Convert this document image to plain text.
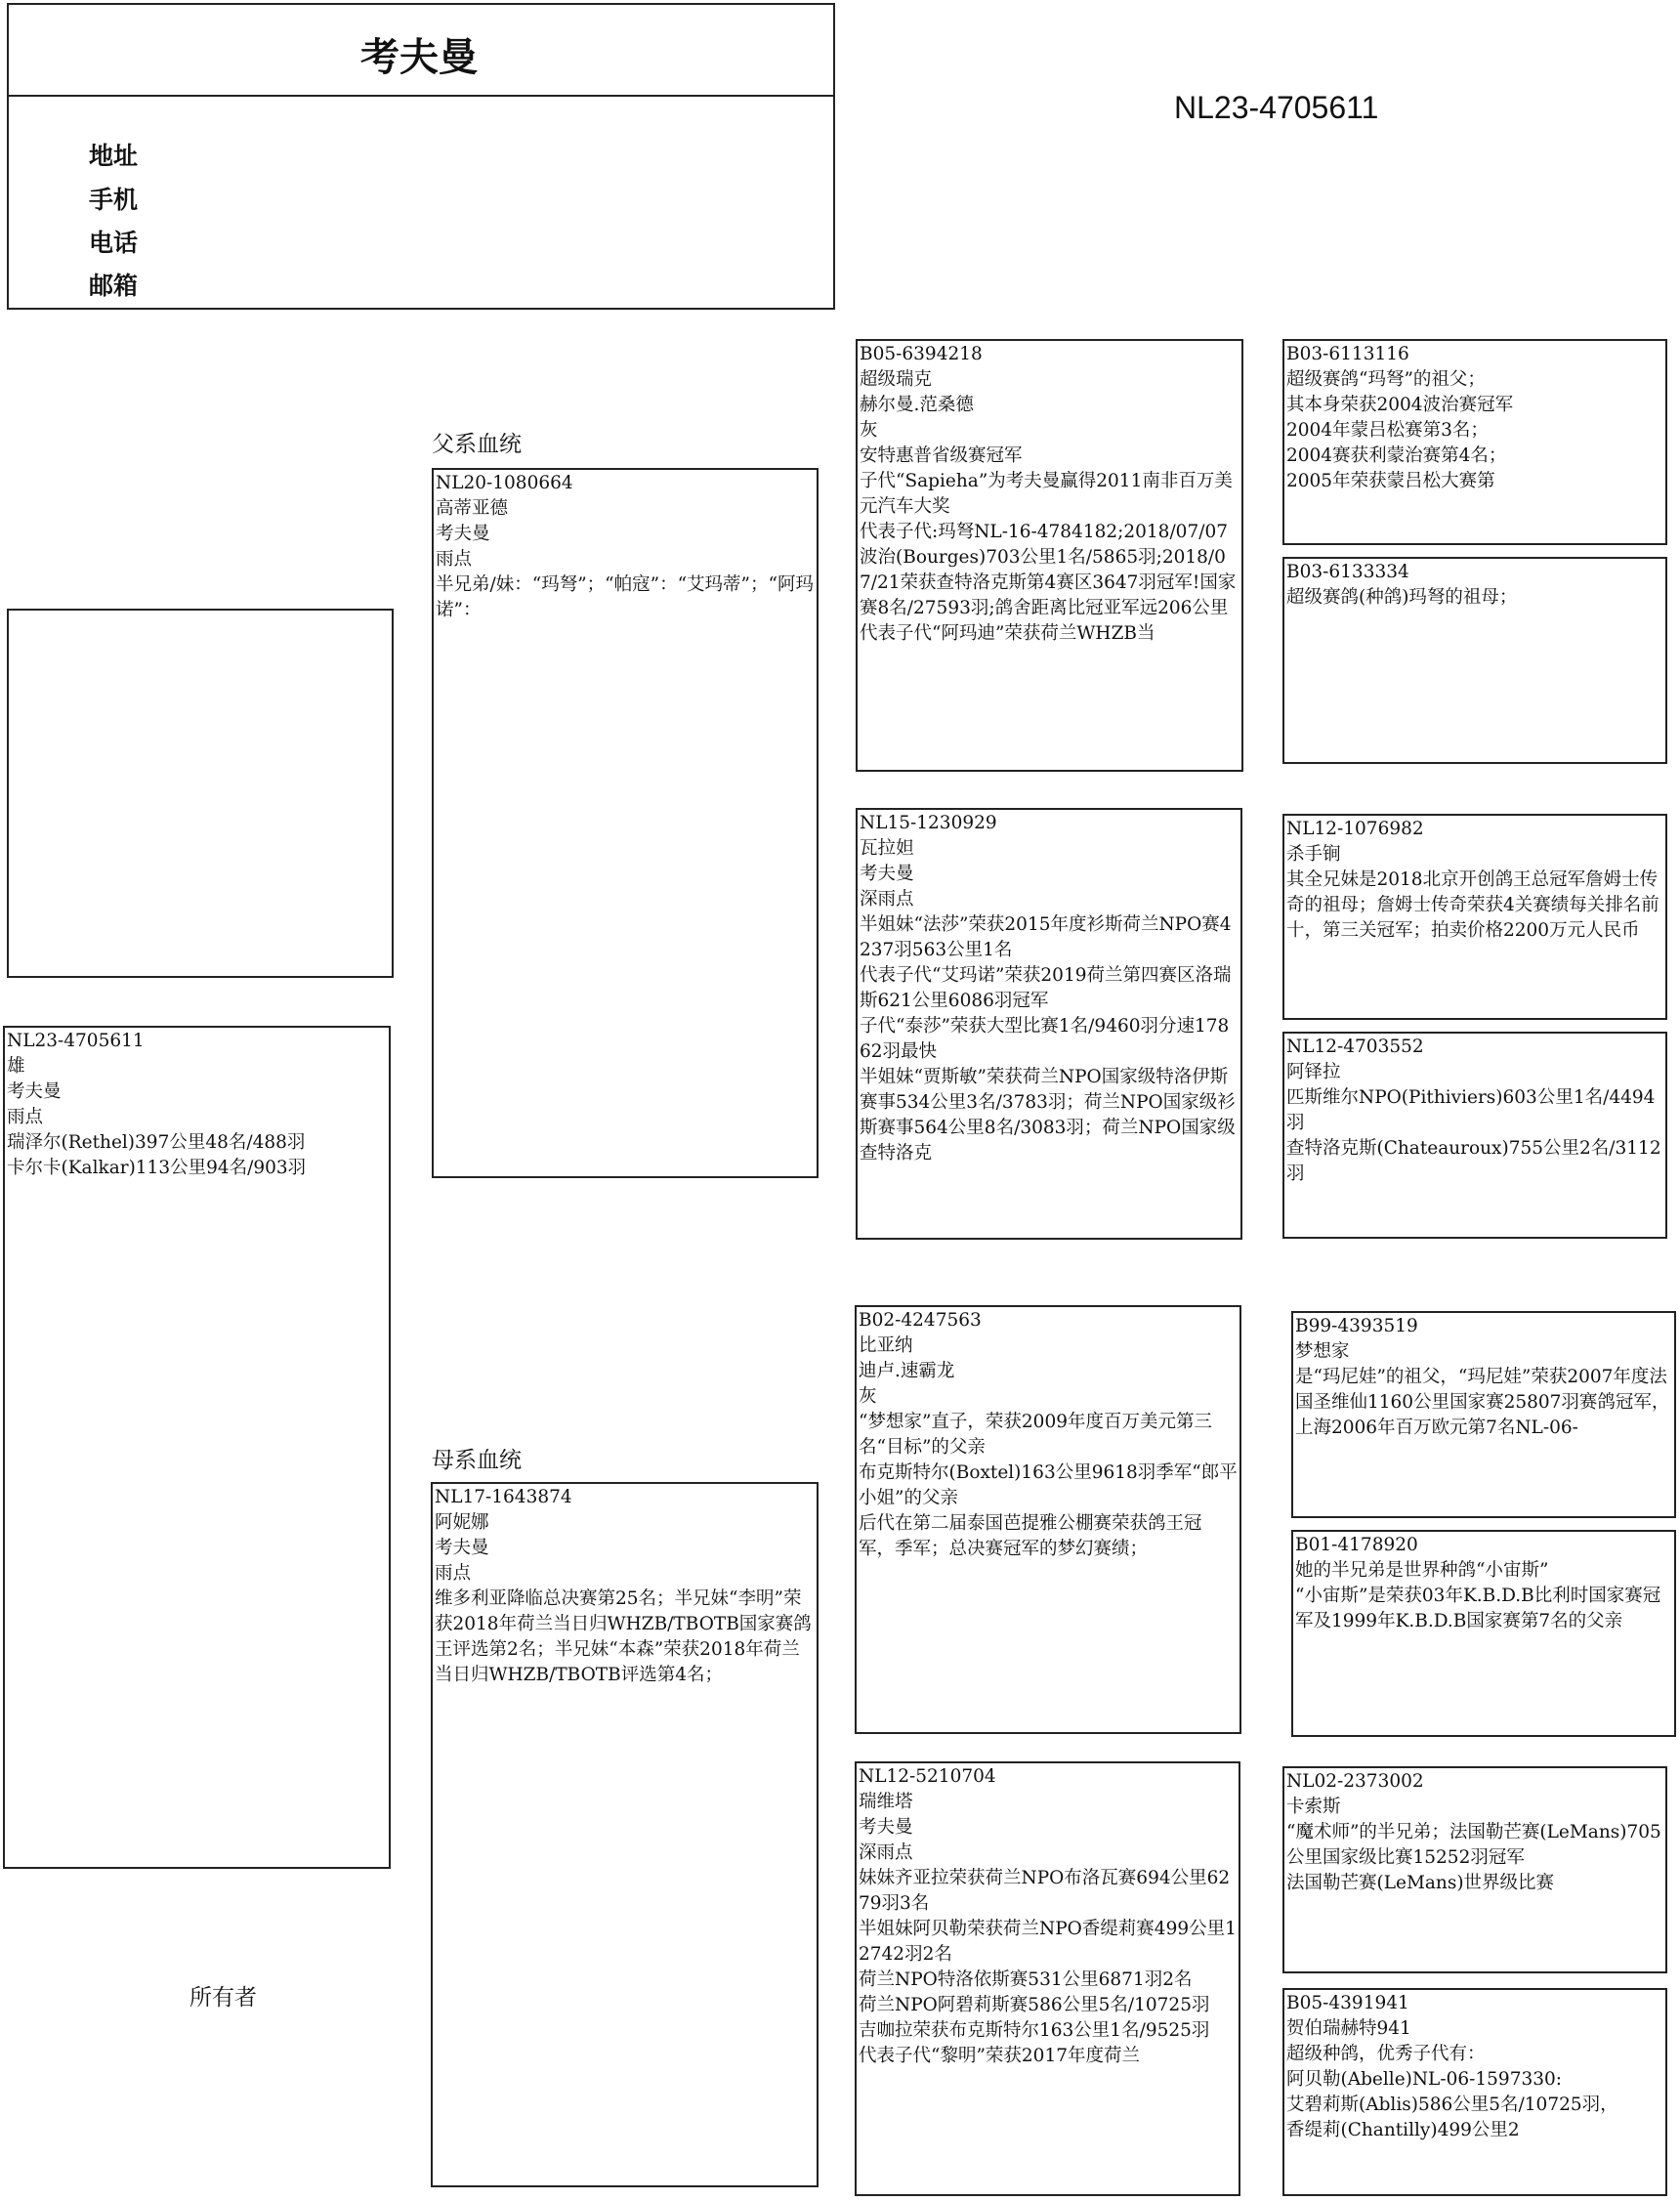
考夫曼
地址
手机
电话
邮箱
NL23-4705611
NL23-4705611
雄
考夫曼
雨点
瑞泽尔(Rethel)397公里48名/488羽
卡尔卡(Kalkar)113公里94名/903羽
父系血统
母系血统
所有者
NL20-1080664
高蒂亚德
考夫曼
雨点
半兄弟/妹：“玛弩”；“帕寇”：“艾玛蒂”；“阿玛诺”：
NL17-1643874
阿妮娜
考夫曼
雨点
维多利亚降临总决赛第25名；半兄妹“李明”荣获2018年荷兰当日归WHZB/TBOTB国家赛鸽王评选第2名；半兄妹“本森”荣获2018年荷兰当日归WHZB/TBOTB评选第4名；
B05-6394218
超级瑞克
赫尔曼.范桑德
灰
安特惠普省级赛冠军
子代“Sapieha”为考夫曼赢得2011南非百万美元汽车大奖
代表子代:玛弩NL-16-4784182;2018/07/07波治(Bourges)703公里1名/5865羽;2018/07/21荣获查特洛克斯第4赛区3647羽冠军!国家赛8名/27593羽;鸽舍距离比冠亚军远206公里
代表子代“阿玛迪”荣获荷兰WHZB当
NL15-1230929
瓦拉妲
考夫曼
深雨点
半姐妹“法莎”荣获2015年度衫斯荷兰NPO赛4237羽563公里1名
代表子代“艾玛诺”荣获2019荷兰第四赛区洛瑞斯621公里6086羽冠军
子代“泰莎”荣获大型比赛1名/9460羽分速17862羽最快
半姐妹“贾斯敏”荣获荷兰NPO国家级特洛伊斯赛事534公里3名/3783羽；荷兰NPO国家级衫斯赛事564公里8名/3083羽；荷兰NPO国家级查特洛克
B02-4247563
比亚纳
迪卢.速霸龙
灰
“梦想家”直子，荣获2009年度百万美元第三名“目标”的父亲
布克斯特尔(Boxtel)163公里9618羽季军“郎平小姐”的父亲
后代在第二届泰国芭提雅公棚赛荣获鸽王冠军，季军；总决赛冠军的梦幻赛绩；
NL12-5210704
瑞维塔
考夫曼
深雨点
妹妹齐亚拉荣获荷兰NPO布洛瓦赛694公里6279羽3名
半姐妹阿贝勒荣获荷兰NPO香缇莉赛499公里12742羽2名
荷兰NPO特洛依斯赛531公里6871羽2名
荷兰NPO阿碧莉斯赛586公里5名/10725羽
吉咖拉荣获布克斯特尔163公里1名/9525羽
代表子代“黎明”荣获2017年度荷兰
B03-6113116
超级赛鸽“玛弩”的祖父；
其本身荣获2004波治赛冠军
2004年蒙吕松赛第3名；
2004赛获利蒙治赛第4名；
2005年荣获蒙吕松大赛第
B03-6133334
超级赛鸽(种鸽)玛弩的祖母；
NL12-1076982
杀手锏
其全兄妹是2018北京开创鸽王总冠军詹姆士传奇的祖母；詹姆士传奇荣获4关赛绩每关排名前十，第三关冠军；拍卖价格2200万元人民币
NL12-4703552
阿铎拉
匹斯维尔NPO(Pithiviers)603公里1名/4494羽
查特洛克斯(Chateauroux)755公里2名/3112羽
B99-4393519
梦想家
是“玛尼娃”的祖父，“玛尼娃”荣获2007年度法国圣维仙1160公里国家赛25807羽赛鸽冠军，
上海2006年百万欧元第7名NL-06-
B01-4178920
她的半兄弟是世界种鸽“小宙斯”
“小宙斯”是荣获03年K.B.D.B比利时国家赛冠军及1999年K.B.D.B国家赛第7名的父亲
NL02-2373002
卡索斯
“魔术师”的半兄弟；法国勒芒赛(LeMans)705公里国家级比赛15252羽冠军
法国勒芒赛(LeMans)世界级比赛
B05-4391941
贺伯瑞赫特941
超级种鸽，优秀子代有：
阿贝勒(Abelle)NL-06-1597330:
艾碧莉斯(Ablis)586公里5名/10725羽，
香缇莉(Chantilly)499公里2
